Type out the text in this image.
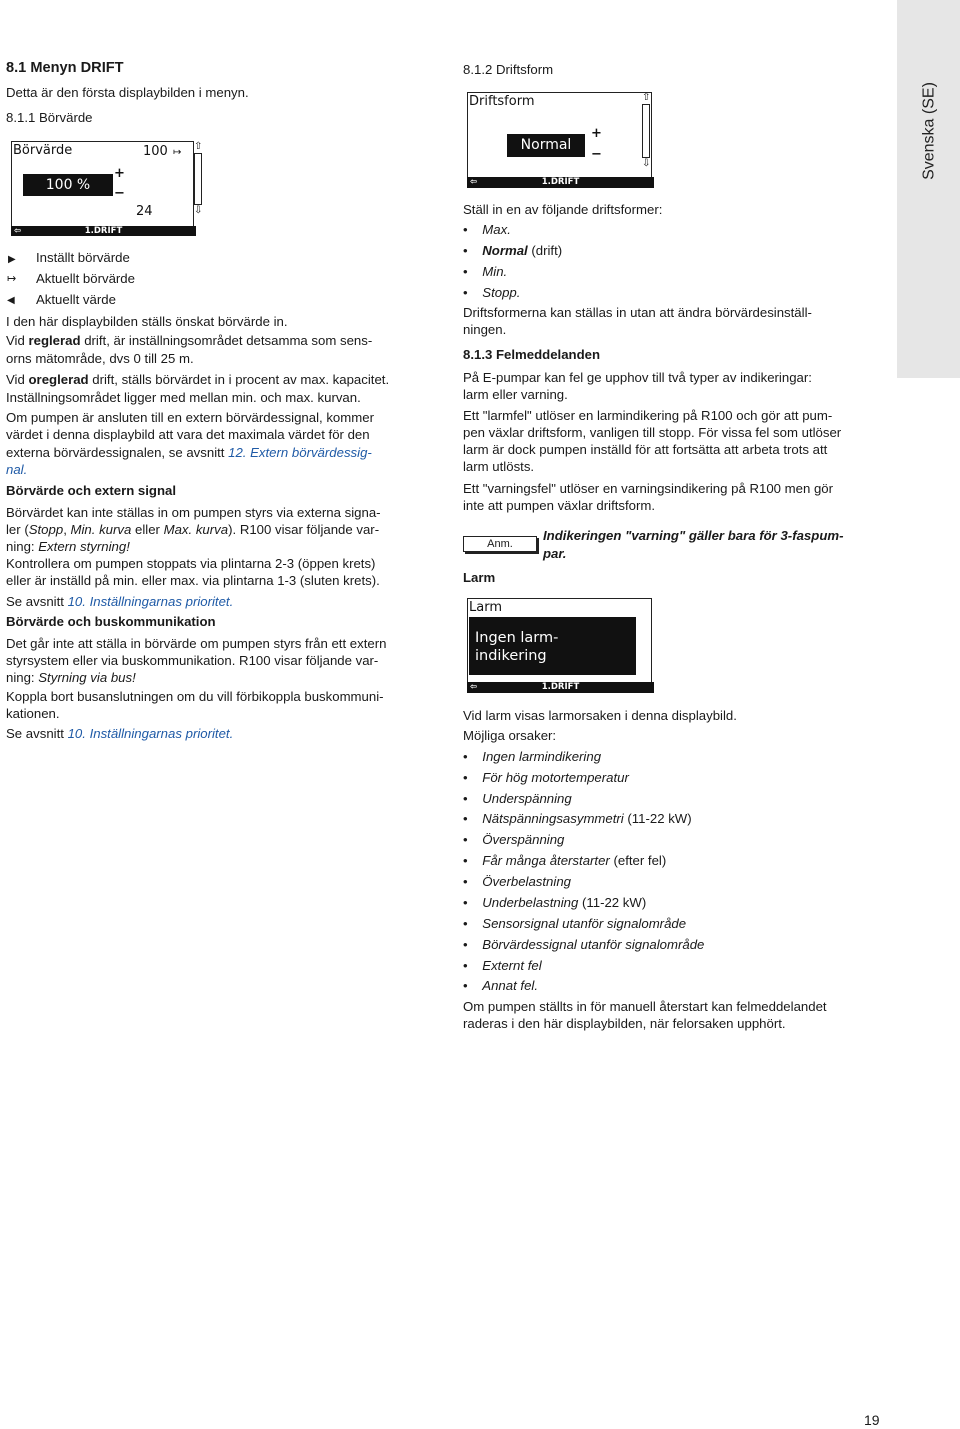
Svenska (SE)
8.1 Menyn DRIFT
Detta är den första displaybilden i menyn.
8.1.1 Börvärde
Börvärde	100 ↦
⇧
⇩
100 %
+
−
24
⇦	1.DRIFT
▶︎	Inställt börvärde
↦ Aktuellt börvärde
◀︎ Aktuellt värde
I den här displaybilden ställs önskat börvärde in.
Vid reglerad drift, är inställningsområdet detsamma som sens-
orns mätområde, dvs 0 till 25 m.
Vid oreglerad drift, ställs börvärdet in i procent av max. kapacitet.
Inställningsområdet ligger med mellan min. och max. kurvan.
Om pumpen är ansluten till en extern börvärdessignal, kommer
värdet i denna displaybild att vara det maximala värdet för den
externa börvärdessignalen, se avsnitt 12. Extern börvärdessig-
nal.
Börvärde och extern signal
Börvärdet kan inte ställas in om pumpen styrs via externa signa-
ler (Stopp, Min. kurva eller Max. kurva). R100 visar följande var-
ning: Extern styrning!
Kontrollera om pumpen stoppats via plintarna 2-3 (öppen krets)
eller är inställd på min. eller max. via plintarna 1-3 (sluten krets).
Se avsnitt 10. Inställningarnas prioritet.
Börvärde och buskommunikation
Det går inte att ställa in börvärde om pumpen styrs från ett extern
styrsystem eller via buskommunikation. R100 visar följande var-
ning: Styrning via bus!
Koppla bort busanslutningen om du vill förbikoppla buskommuni-
kationen.
Se avsnitt 10. Inställningarnas prioritet.
8.1.2 Driftsform
Driftsform	⇧
⇩
Normal
+
−
⇦	1.DRIFT
Ställ in en av följande driftsformer:
•    Max.
•    Normal (drift)
•    Min.
•    Stopp.
Driftsformerna kan ställas in utan att ändra börvärdesinställ-
ningen.
8.1.3 Felmeddelanden
På E-pumpar kan fel ge upphov till två typer av indikeringar:
larm eller varning.
Ett "larmfel" utlöser en larmindikering på R100 och gör att pum-
pen växlar driftsform, vanligen till stopp. För vissa fel som utlöser
larm är dock pumpen inställd för att fortsätta att arbeta trots att
larm utlösts.
Ett "varningsfel" utlöser en varningsindikering på R100 men gör
inte att pumpen växlar driftsform.
Anm.
Indikeringen "varning" gäller bara för 3-faspum-
par.
Larm
Larm
Ingen larm-
indikering
⇦	1.DRIFT
Vid larm visas larmorsaken i denna displaybild.
Möjliga orsaker:
•    Ingen larmindikering
•    För hög motortemperatur
•    Underspänning
•    Nätspänningsasymmetri (11-22 kW)
•    Överspänning
•    Får många återstarter (efter fel)
•    Överbelastning
•    Underbelastning (11-22 kW)
•    Sensorsignal utanför signalområde
•    Börvärdessignal utanför signalområde
•    Externt fel
•    Annat fel.
Om pumpen ställts in för manuell återstart kan felmeddelandet
raderas i den här displaybilden, när felorsaken upphört.
19
